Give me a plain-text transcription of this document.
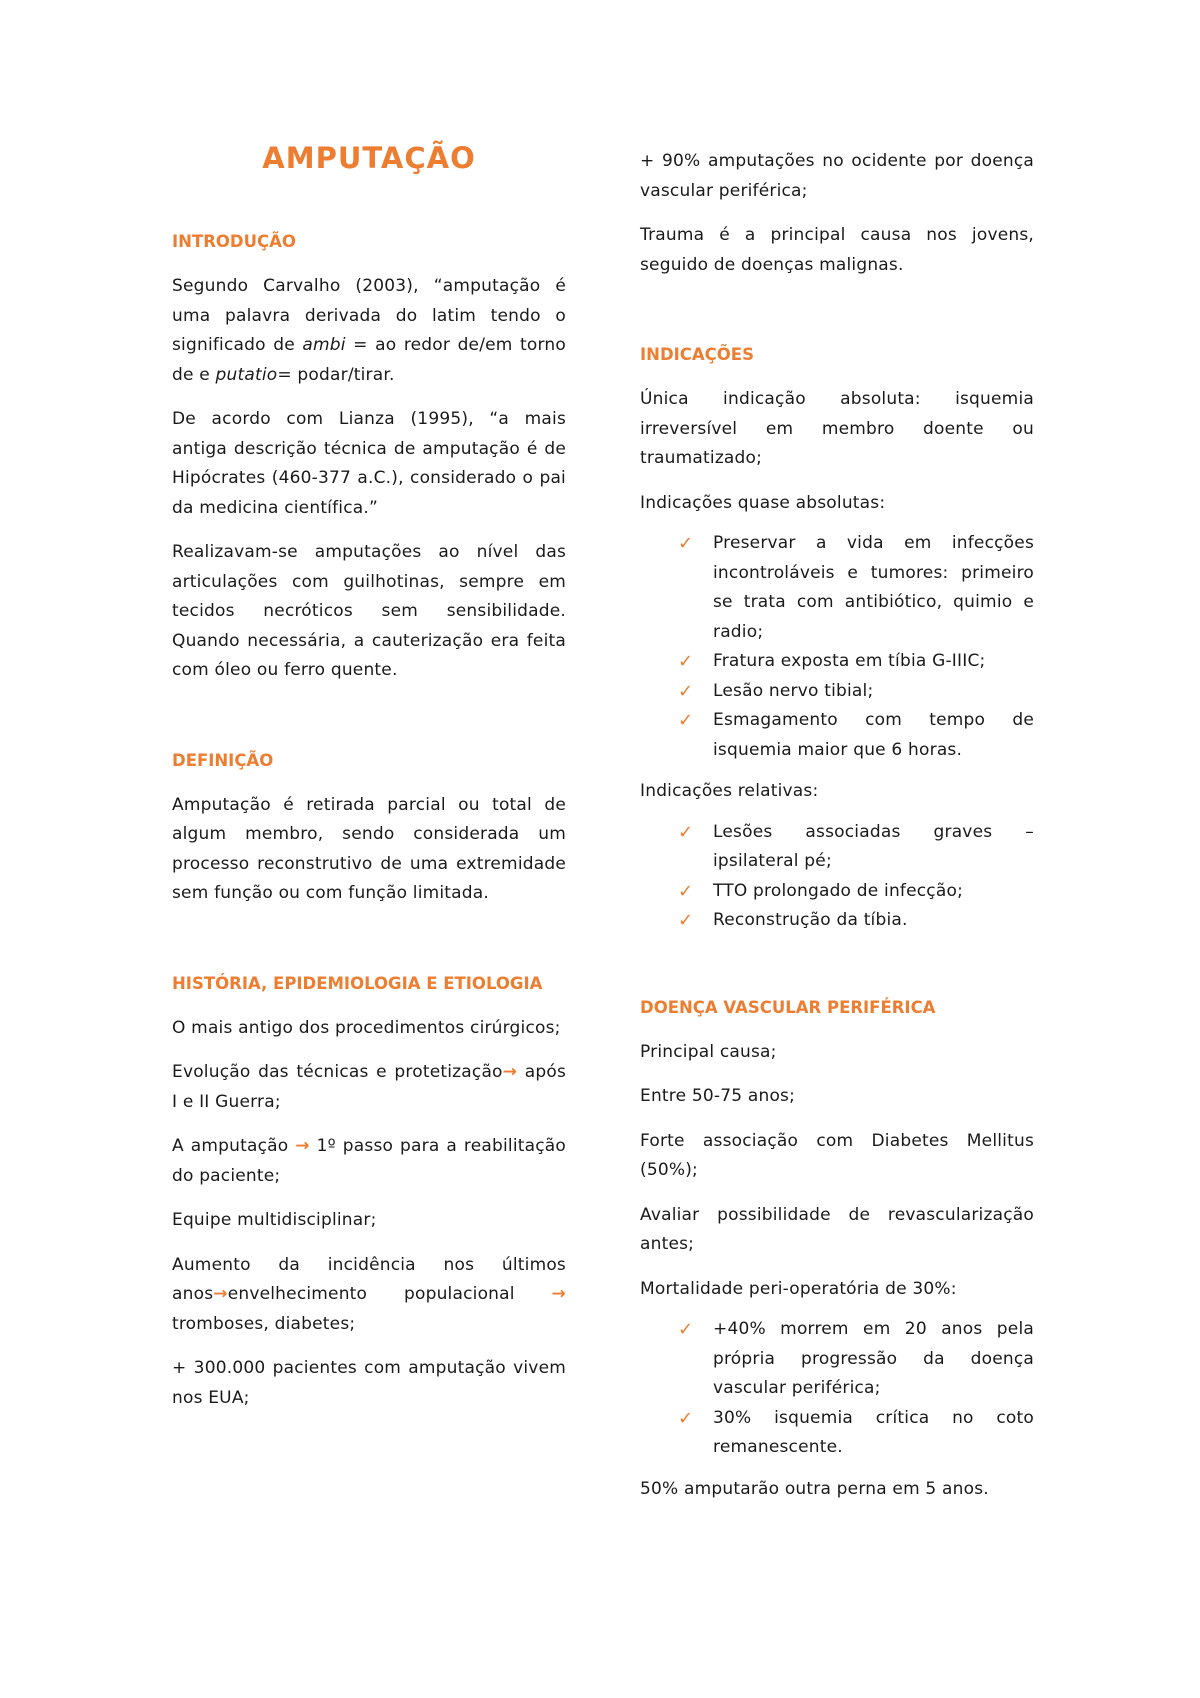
AMPUTAÇÃO
INTRODUÇÃO

Segundo Carvalho (2003), “amputação é uma palavra derivada do latim tendo o significado de ambi = ao redor de/em torno de e putatio= podar/tirar.

De acordo com Lianza (1995), “a mais antiga descrição técnica de amputação é de Hipócrates (460-377 a.C.), considerado o pai da medicina científica.”

Realizavam-se amputações ao nível das articulações com guilhotinas, sempre em tecidos necróticos sem sensibilidade. Quando necessária, a cauterização era feita com óleo ou ferro quente.

DEFINIÇÃO

Amputação é retirada parcial ou total de algum membro, sendo considerada um processo reconstrutivo de uma extremidade sem função ou com função limitada.

HISTÓRIA, EPIDEMIOLOGIA E ETIOLOGIA

O mais antigo dos procedimentos cirúrgicos;

Evolução das técnicas e protetização→ após I e II Guerra;

A amputação → 1º passo para a reabilitação do paciente;

Equipe multidisciplinar;

Aumento da incidência nos últimos anos→envelhecimento populacional → tromboses, diabetes;

+ 300.000 pacientes com amputação vivem nos EUA;

+ 90% amputações no ocidente por doença vascular periférica;

Trauma é a principal causa nos jovens, seguido de doenças malignas.

INDICAÇÕES

Única indicação absoluta: isquemia irreversível em membro doente ou traumatizado;

Indicações quase absolutas:

✓ Preservar a vida em infecções incontroláveis e tumores: primeiro se trata com antibiótico, quimio e radio;
✓ Fratura exposta em tíbia G-IIIC;
✓ Lesão nervo tibial;
✓ Esmagamento com tempo de isquemia maior que 6 horas.

Indicações relativas:

✓ Lesões associadas graves – ipsilateral pé;
✓ TTO prolongado de infecção;
✓ Reconstrução da tíbia.
DOENÇA VASCULAR PERIFÉRICA

Principal causa;

Entre 50-75 anos;

Forte associação com Diabetes Mellitus (50%);

Avaliar possibilidade de revascularização antes;

Mortalidade peri-operatória de 30%:

✓ +40% morrem em 20 anos pela própria progressão da doença vascular periférica;
✓ 30% isquemia crítica no coto remanescente.

50% amputarão outra perna em 5 anos.
